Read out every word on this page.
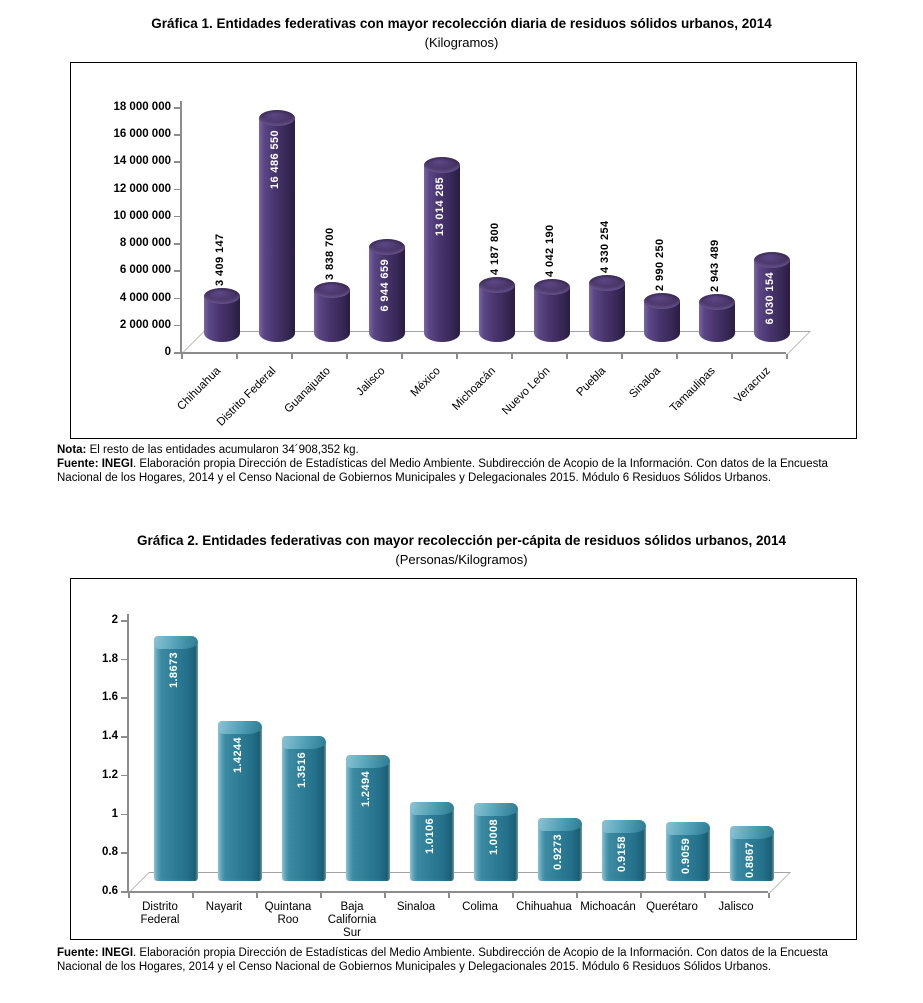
Gráfica 1. Entidades federativas con mayor recolección diaria de residuos sólidos urbanos, 2014
(Kilogramos)
0
2 000 000
4 000 000
6 000 000
8 000 000
10 000 000
12 000 000
14 000 000
16 000 000
18 000 000
3 409 147
Chihuahua
16 486 550
Distrito Federal
3 838 700
Guanajuato
6 944 659
Jalisco
13 014 285
México
4 187 800
Michoacán
4 042 190
Nuevo León
4 330 254
Puebla
2 990 250
Sinaloa
2 943 489
Tamaulipas
6 030 154
Veracruz

Nota: El resto de las entidades acumularon 34´908,352 kg.

Fuente: INEGI. Elaboración propia Dirección de Estadísticas del Medio Ambiente. Subdirección de Acopio de la Información. Con datos de la Encuesta Nacional de los Hogares, 2014 y el Censo Nacional de Gobiernos Municipales y Delegacionales 2015. Módulo 6 Residuos Sólidos Urbanos.

Gráfica 2. Entidades federativas con mayor recolección per-cápita de residuos sólidos urbanos, 2014
(Personas/Kilogramos)
0.6
0.8
1
1.2
1.4
1.6
1.8
2
1.8673
Distrito Federal
1.4244
Nayarit
1.3516
Quintana Roo
1.2494
Baja California Sur
1.0106
Sinaloa
1.0008
Colima
0.9273
Chihuahua
0.9158
Michoacán
0.9059
Querétaro
0.8867
Jalisco

Fuente: INEGI. Elaboración propia Dirección de Estadísticas del Medio Ambiente. Subdirección de Acopio de la Información. Con datos de la Encuesta Nacional de los Hogares, 2014 y el Censo Nacional de Gobiernos Municipales y Delegacionales 2015. Módulo 6 Residuos Sólidos Urbanos.
